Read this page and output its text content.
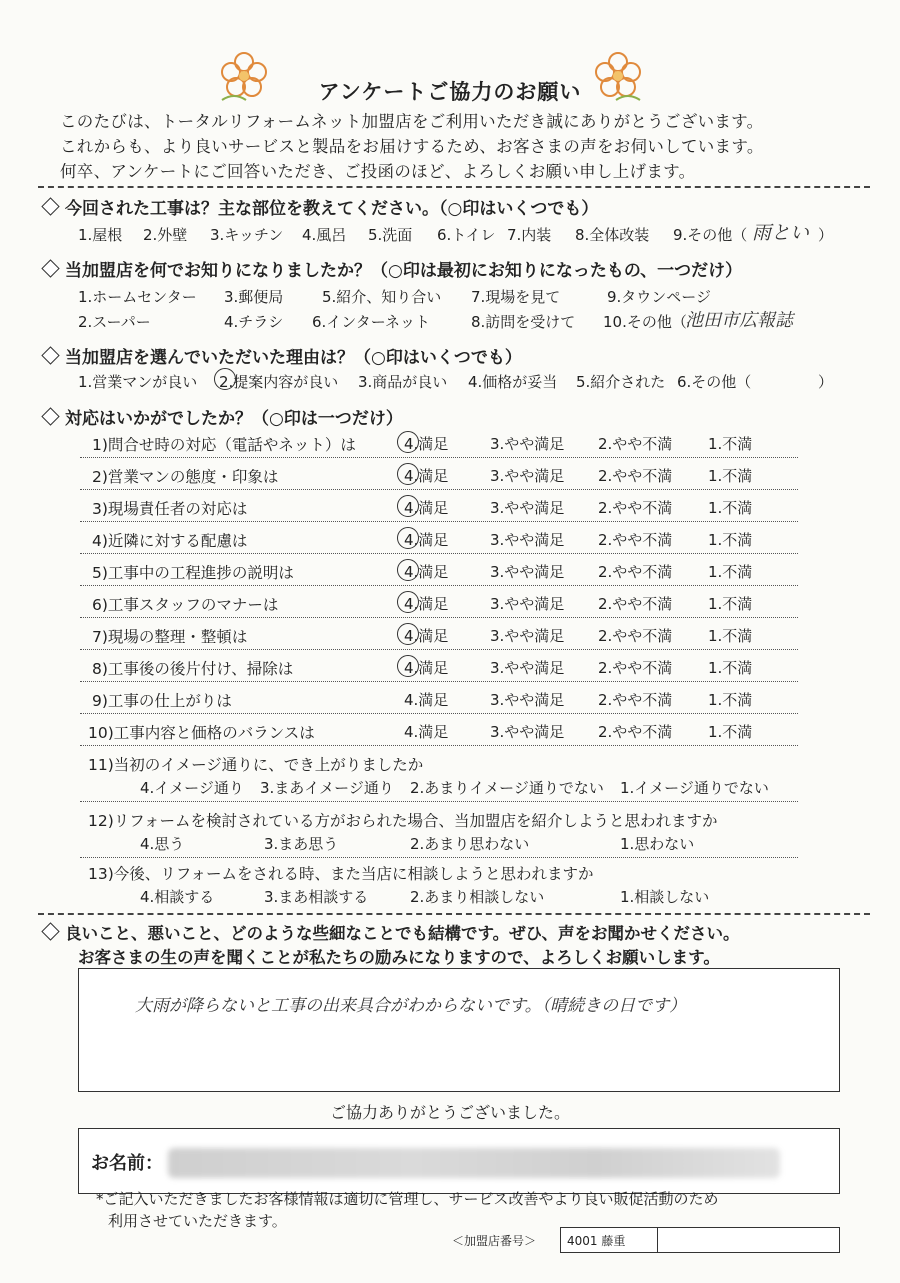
アンケートご協力のお願い
このたびは、トータルリフォームネット加盟店をご利用いただき誠にありがとうございます。
これからも、より良いサービスと製品をお届けするため、お客さまの声をお伺いしています。
何卒、アンケートにご回答いただき、ご投函のほど、よろしくお願い申し上げます。
今回された工事は？主な部位を教えてください。（○印はいくつでも）
1.屋根 2.外壁 3.キッチン 4.風呂 5.洗面 6.トイレ 7.内装 8.全体改装 9.その他（ 雨とい ）
当加盟店を何でお知りになりましたか？（○印は最初にお知りになったもの、一つだけ）
1.ホームセンター 3.郵便局	5.紹介、知り合い 7.現場を見て	9.タウンページ
2.スーパー	4.チラシ 6.インターネット	8.訪問を受けて 10.その他（
池田市広報誌
当加盟店を選んでいただいた理由は？（○印はいくつでも）
1.営業マンが良い 2.提案内容が良い 3.商品が良い 4.価格が妥当 5.紹介された 6.その他（	）
対応はいかがでしたか？（○印は一つだけ）
1)問合せ時の対応（電話やネット）は	4.満足	3.やや満足 2.やや不満 1.不満
2)営業マンの態度・印象は	4.満足	3.やや満足 2.やや不満 1.不満
3)現場責任者の対応は	4.満足	3.やや満足 2.やや不満 1.不満
4)近隣に対する配慮は	4.満足	3.やや満足 2.やや不満 1.不満
5)工事中の工程進捗の説明は	4.満足	3.やや満足 2.やや不満 1.不満
6)工事スタッフのマナーは	4.満足	3.やや満足 2.やや不満 1.不満
7)現場の整理・整頓は	4.満足	3.やや満足 2.やや不満 1.不満
8)工事後の後片付け、掃除は	4.満足	3.やや満足 2.やや不満 1.不満
9)工事の仕上がりは	4.満足	3.やや満足 2.やや不満 1.不満
10)工事内容と価格のバランスは	4.満足	3.やや満足 2.やや不満 1.不満
11)当初のイメージ通りに、でき上がりましたか
4.イメージ通り 3.まあイメージ通り 2.あまりイメージ通りでない 1.イメージ通りでない
12)リフォームを検討されている方がおられた場合、当加盟店を紹介しようと思われますか
4.思う	3.まあ思う	2.あまり思わない	1.思わない
13)今後、リフォームをされる時、また当店に相談しようと思われますか
4.相談する	3.まあ相談する	2.あまり相談しない	1.相談しない
良いこと、悪いこと、どのような些細なことでも結構です。ぜひ、声をお聞かせください。
お客さまの生の声を聞くことが私たちの励みになりますので、よろしくお願いします。
大雨が降らないと工事の出来具合がわからないです。（晴続きの日です）
ご協力ありがとうございました。
お名前：
*ご記入いただきましたお客様情報は適切に管理し、サービス改善やより良い販促活動のため
利用させていただきます。
＜加盟店番号＞	4001 藤重
